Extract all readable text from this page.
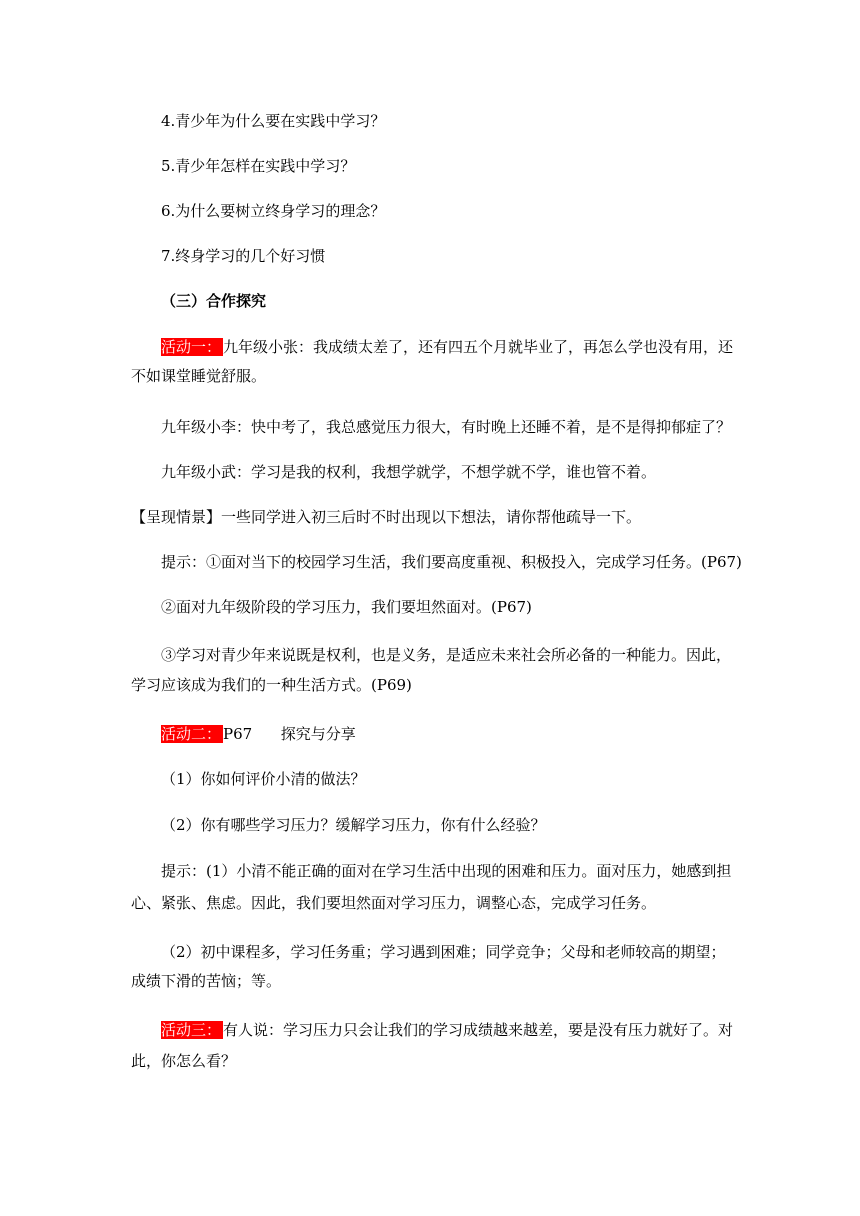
4.青少年为什么要在实践中学习？
5.青少年怎样在实践中学习？
6.为什么要树立终身学习的理念？
7.终身学习的几个好习惯
（三）合作探究
活动一： 九年级小张：我成绩太差了，还有四五个月就毕业了，再怎么学也没有用，还
不如课堂睡觉舒服。
九年级小李：快中考了，我总感觉压力很大，有时晚上还睡不着，是不是得抑郁症了？
九年级小武：学习是我的权利，我想学就学，不想学就不学，谁也管不着。
【呈现情景】一些同学进入初三后时不时出现以下想法，请你帮他疏导一下。
提示：①面对当下的校园学习生活，我们要高度重视、积极投入，完成学习任务。(P67)
②面对九年级阶段的学习压力，我们要坦然面对。(P67)
③学习对青少年来说既是权利，也是义务，是适应未来社会所必备的一种能力。因此，
学习应该成为我们的一种生活方式。(P69)
活动二： P67      探究与分享
（1）你如何评价小清的做法？
（2）你有哪些学习压力？缓解学习压力，你有什么经验？
提示：(1）小清不能正确的面对在学习生活中出现的困难和压力。面对压力，她感到担
心、紧张、焦虑。因此，我们要坦然面对学习压力，调整心态，完成学习任务。
（2）初中课程多，学习任务重；学习遇到困难；同学竞争；父母和老师较高的期望；
成绩下滑的苦恼；等。
活动三： 有人说：学习压力只会让我们的学习成绩越来越差，要是没有压力就好了。对
此，你怎么看？
